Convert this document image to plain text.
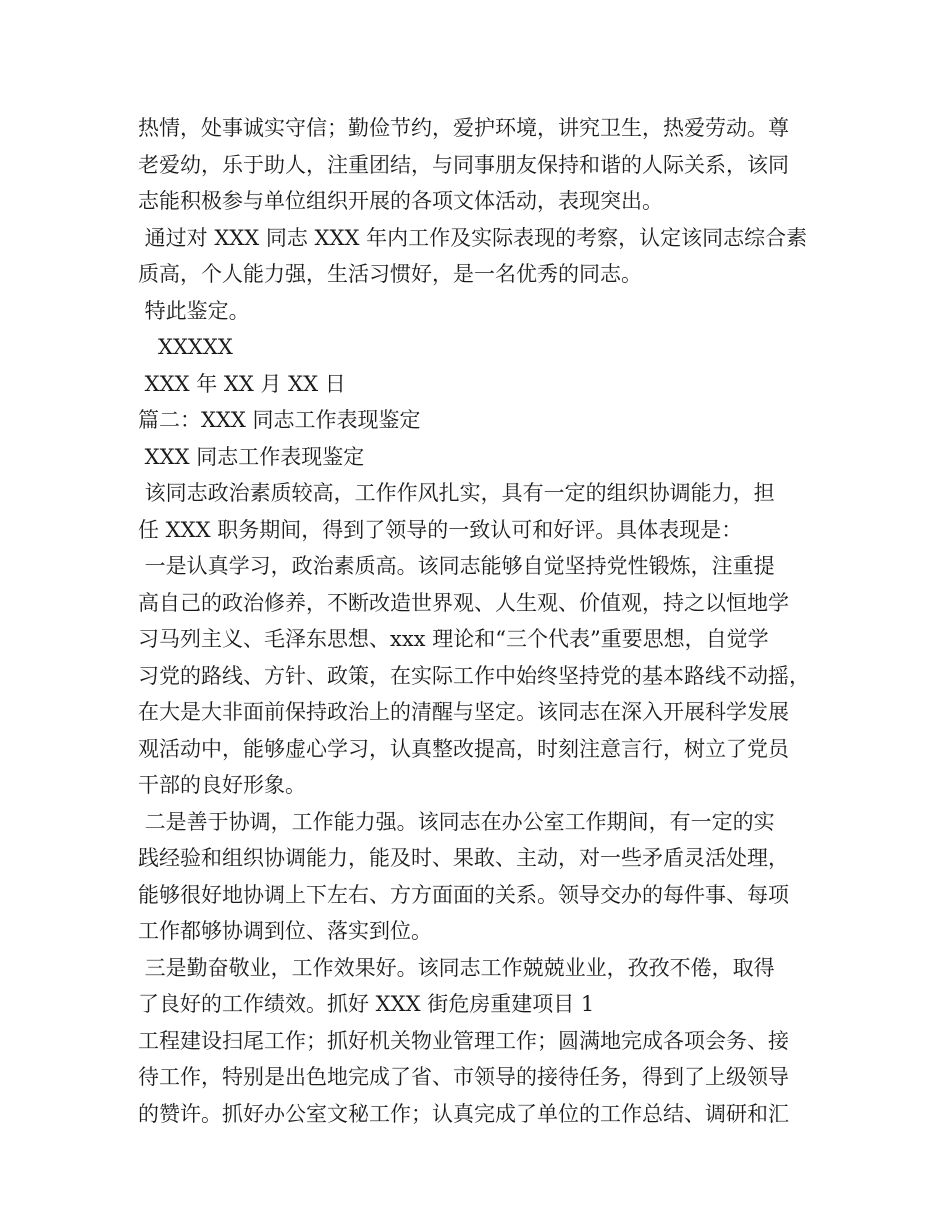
热情，处事诚实守信；勤俭节约，爱护环境，讲究卫生，热爱劳动。尊
老爱幼，乐于助人，注重团结，与同事朋友保持和谐的人际关系，该同
志能积极参与单位组织开展的各项文体活动，表现突出。
通过对 XXX 同志 XXX 年内工作及实际表现的考察，认定该同志综合素
质高，个人能力强，生活习惯好，是一名优秀的同志。
特此鉴定。
XXXXX
XXX 年 XX 月 XX 日
篇二：XXX 同志工作表现鉴定
XXX 同志工作表现鉴定
该同志政治素质较高，工作作风扎实，具有一定的组织协调能力，担
任 XXX 职务期间，得到了领导的一致认可和好评。具体表现是：
一是认真学习，政治素质高。该同志能够自觉坚持党性锻炼，注重提
高自己的政治修养，不断改造世界观、人生观、价值观，持之以恒地学
习马列主义、毛泽东思想、xxx 理论和“三个代表”重要思想，自觉学
习党的路线、方针、政策，在实际工作中始终坚持党的基本路线不动摇，
在大是大非面前保持政治上的清醒与坚定。该同志在深入开展科学发展
观活动中，能够虚心学习，认真整改提高，时刻注意言行，树立了党员
干部的良好形象。
二是善于协调，工作能力强。该同志在办公室工作期间，有一定的实
践经验和组织协调能力，能及时、果敢、主动，对一些矛盾灵活处理，
能够很好地协调上下左右、方方面面的关系。领导交办的每件事、每项
工作都够协调到位、落实到位。
三是勤奋敬业，工作效果好。该同志工作兢兢业业，孜孜不倦，取得
了良好的工作绩效。抓好 XXX 街危房重建项目 1
工程建设扫尾工作；抓好机关物业管理工作；圆满地完成各项会务、接
待工作，特别是出色地完成了省、市领导的接待任务，得到了上级领导
的赞许。抓好办公室文秘工作；认真完成了单位的工作总结、调研和汇
